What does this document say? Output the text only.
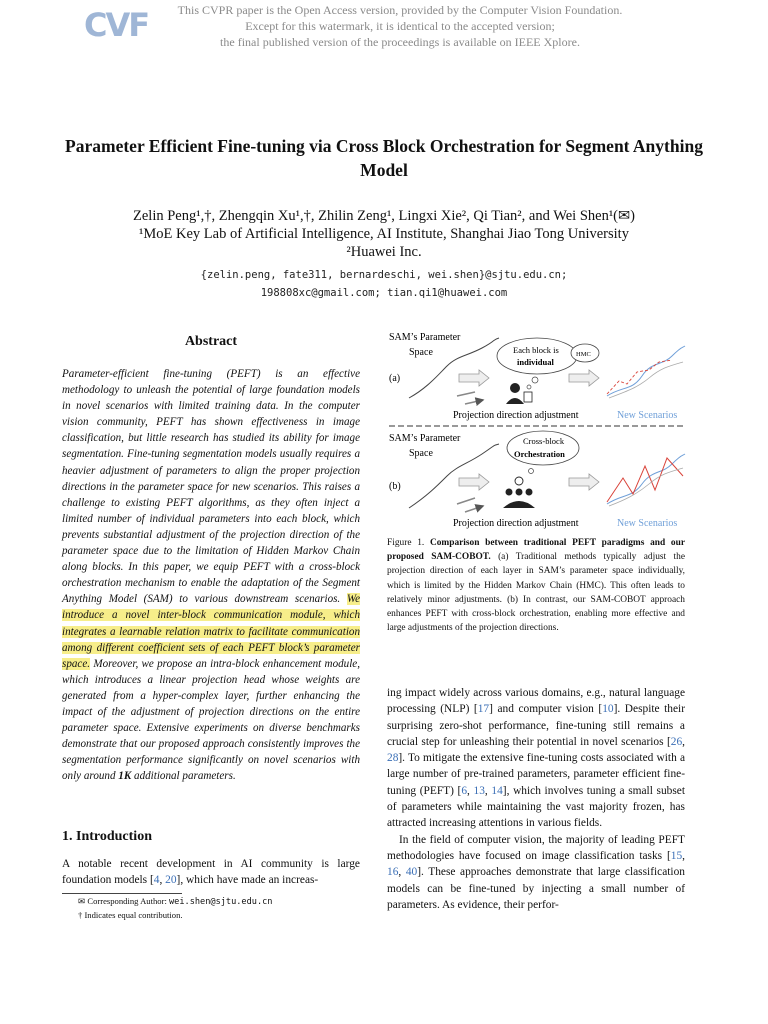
CVF	This CVPR paper is the Open Access version, provided by the Computer Vision Foundation.
Except for this watermark, it is identical to the accepted version;
the final published version of the proceedings is available on IEEE Xplore.
Parameter Efficient Fine-tuning via Cross Block Orchestration for Segment Anything Model
Zelin Peng¹,†, Zhengqin Xu¹,†, Zhilin Zeng¹, Lingxi Xie², Qi Tian², and Wei Shen¹(✉)
¹MoE Key Lab of Artificial Intelligence, AI Institute, Shanghai Jiao Tong University
²Huawei Inc.
{zelin.peng, fate311, bernardeschi, wei.shen}@sjtu.edu.cn;
198808xc@gmail.com; tian.qi1@huawei.com
Abstract

Parameter-efficient fine-tuning (PEFT) is an effective methodology to unleash the potential of large foundation models in novel scenarios with limited training data. In the computer vision community, PEFT has shown effectiveness in image classification, but little research has studied its ability for image segmentation. Fine-tuning segmentation models usually requires a heavier adjustment of parameters to align the proper projection directions in the parameter space for new scenarios. This raises a challenge to existing PEFT algorithms, as they often inject a limited number of individual parameters into each block, which prevents substantial adjustment of the projection direction of the parameter space due to the limitation of Hidden Markov Chain along blocks. In this paper, we equip PEFT with a cross-block orchestration mechanism to enable the adaptation of the Segment Anything Model (SAM) to various downstream scenarios. We introduce a novel inter-block communication module, which integrates a learnable relation matrix to facilitate communication among different coefficient sets of each PEFT block’s parameter space. Moreover, we propose an intra-block enhancement module, which introduces a linear projection head whose weights are generated from a hyper-complex layer, further enhancing the impact of the adjustment of projection directions on the entire parameter space. Extensive experiments on diverse benchmarks demonstrate that our proposed approach consistently improves the segmentation performance significantly on novel scenarios with only around 1K additional parameters.

1. Introduction

A notable recent development in AI community is large foundation models [4, 20], which have made an increas-

✉ Corresponding Author: wei.shen@sjtu.edu.cn
† Indicates equal contribution.
SAM’s Parameter
Space
(a)
Each block is
individual
HMC
Projection direction adjustment	New Scenarios
SAM’s Parameter
Space
(b)
Cross-block
Orchestration
Projection direction adjustment	New Scenarios

Figure 1. Comparison between traditional PEFT paradigms and our proposed SAM-COBOT. (a) Traditional methods typically adjust the projection direction of each layer in SAM’s parameter space individually, which is limited by the Hidden Markov Chain (HMC). This often leads to relatively minor adjustments. (b) In contrast, our SAM-COBOT approach enhances PEFT with cross-block orchestration, enabling more effective and large adjustments of the projection directions.

ing impact widely across various domains, e.g., natural language processing (NLP) [17] and computer vision [10]. Despite their surprising zero-shot performance, fine-tuning still remains a crucial step for unleashing their potential in novel scenarios [26, 28]. To mitigate the extensive fine-tuning costs associated with a large number of pre-trained parameters, parameter efficient fine-tuning (PEFT) [6, 13, 14], which involves tuning a small subset of parameters while maintaining the vast majority frozen, has attracted increasing attentions in various fields.

In the field of computer vision, the majority of leading PEFT methodologies have focused on image classification tasks [15, 16, 40]. These approaches demonstrate that large classification models can be fine-tuned by injecting a small number of parameters. As evidence, their perfor-
